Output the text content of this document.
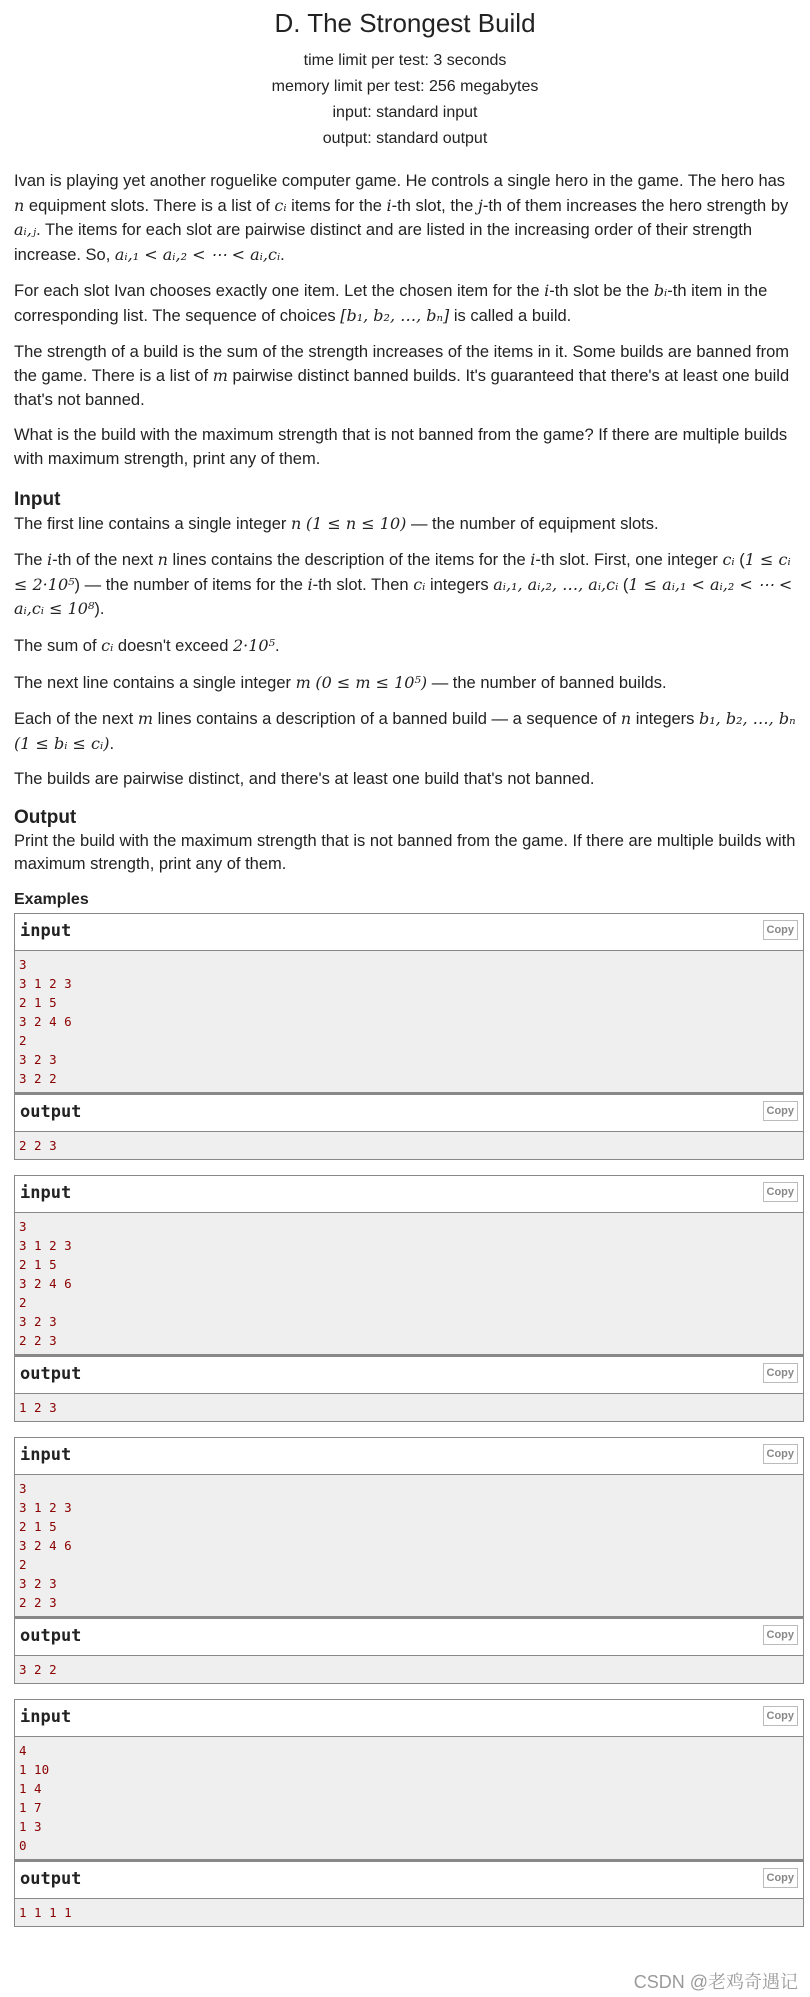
D. The Strongest Build
time limit per test: 3 seconds
memory limit per test: 256 megabytes
input: standard input
output: standard output

Ivan is playing yet another roguelike computer game. He controls a single hero in the game. The hero has n equipment slots. There is a list of cᵢ items for the i-th slot, the j-th of them increases the hero strength by aᵢ,ⱼ. The items for each slot are pairwise distinct and are listed in the increasing order of their strength increase. So, aᵢ,₁ < aᵢ,₂ < ⋯ < aᵢ,cᵢ.

For each slot Ivan chooses exactly one item. Let the chosen item for the i-th slot be the bᵢ-th item in the corresponding list. The sequence of choices [b₁, b₂, …, bₙ] is called a build.

The strength of a build is the sum of the strength increases of the items in it. Some builds are banned from the game. There is a list of m pairwise distinct banned builds. It's guaranteed that there's at least one build that's not banned.

What is the build with the maximum strength that is not banned from the game? If there are multiple builds with maximum strength, print any of them.

Input

The first line contains a single integer n (1 ≤ n ≤ 10) — the number of equipment slots.

The i-th of the next n lines contains the description of the items for the i-th slot. First, one integer cᵢ (1 ≤ cᵢ ≤ 2·10⁵) — the number of items for the i-th slot. Then cᵢ integers aᵢ,₁, aᵢ,₂, …, aᵢ,cᵢ (1 ≤ aᵢ,₁ < aᵢ,₂ < ⋯ < aᵢ,cᵢ ≤ 10⁸).

The sum of cᵢ doesn't exceed 2·10⁵.

The next line contains a single integer m (0 ≤ m ≤ 10⁵) — the number of banned builds.

Each of the next m lines contains a description of a banned build — a sequence of n integers b₁, b₂, …, bₙ (1 ≤ bᵢ ≤ cᵢ).

The builds are pairwise distinct, and there's at least one build that's not banned.

Output

Print the build with the maximum strength that is not banned from the game. If there are multiple builds with maximum strength, print any of them.

Examples
input	Copy
3
3 1 2 3
2 1 5
3 2 4 6
2
3 2 3
3 2 2
output	Copy
2 2 3
input	Copy
3
3 1 2 3
2 1 5
3 2 4 6
2
3 2 3
2 2 3
output	Copy
1 2 3
input	Copy
3
3 1 2 3
2 1 5
3 2 4 6
2
3 2 3
2 2 3
output	Copy
3 2 2
input	Copy
4
1 10
1 4
1 7
1 3
0
output	Copy
1 1 1 1
CSDN @老鸡奇遇记
